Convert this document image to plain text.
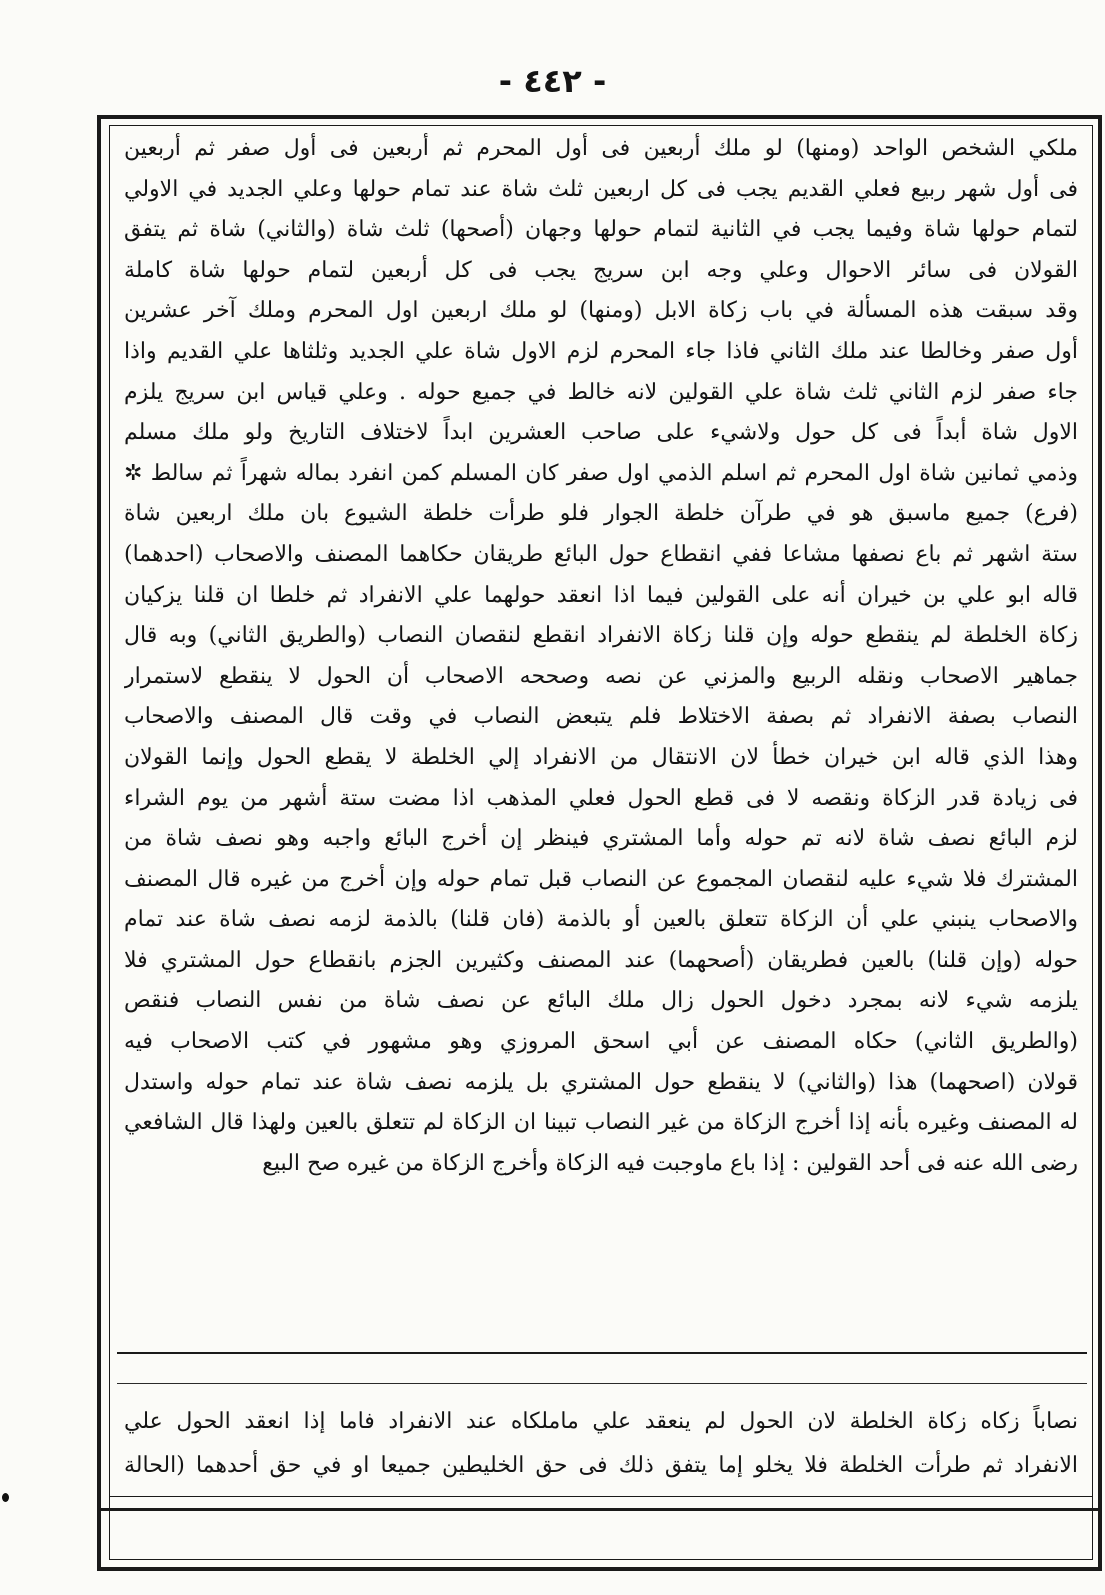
- ٤٤٢ -
ملكي الشخص الواحد (ومنها) لو ملك أربعين فى أول المحرم ثم أربعين فى أول صفر ثم أربعين
فى أول شهر ربيع فعلي القديم يجب فى كل اربعين ثلث شاة عند تمام حولها وعلي الجديد في الاولي
لتمام حولها شاة وفيما يجب في الثانية لتمام حولها وجهان (أصحها) ثلث شاة (والثاني) شاة ثم يتفق
القولان فى سائر الاحوال وعلي وجه ابن سريج يجب فى كل أربعين لتمام حولها شاة كاملة
وقد سبقت هذه المسألة في باب زكاة الابل (ومنها) لو ملك اربعين اول المحرم وملك آخر عشرين
أول صفر وخالطا عند ملك الثاني فاذا جاء المحرم لزم الاول شاة علي الجديد وثلثاها علي القديم واذا
جاء صفر لزم الثاني ثلث شاة علي القولين لانه خالط في جميع حوله . وعلي قياس ابن سريج يلزم
الاول شاة أبداً فى كل حول ولاشيء على صاحب العشرين ابداً لاختلاف التاريخ ولو ملك مسلم
وذمي ثمانين شاة اول المحرم ثم اسلم الذمي اول صفر كان المسلم كمن انفرد بماله شهراً ثم سالط ✲
(فرع) جميع ماسبق هو في طرآن خلطة الجوار فلو طرأت خلطة الشيوع بان ملك اربعين شاة
ستة اشهر ثم باع نصفها مشاعا ففي انقطاع حول البائع طريقان حكاهما المصنف والاصحاب (احدهما)
قاله ابو علي بن خيران أنه على القولين فيما اذا انعقد حولهما علي الانفراد ثم خلطا ان قلنا يزكيان
زكاة الخلطة لم ينقطع حوله وإن قلنا زكاة الانفراد انقطع لنقصان النصاب (والطريق الثاني) وبه قال
جماهير الاصحاب ونقله الربيع والمزني عن نصه وصححه الاصحاب أن الحول لا ينقطع لاستمرار
النصاب بصفة الانفراد ثم بصفة الاختلاط فلم يتبعض النصاب في وقت قال المصنف والاصحاب
وهذا الذي قاله ابن خيران خطأ لان الانتقال من الانفراد إلي الخلطة لا يقطع الحول وإنما القولان
فى زيادة قدر الزكاة ونقصه لا فى قطع الحول فعلي المذهب اذا مضت ستة أشهر من يوم الشراء
لزم البائع نصف شاة لانه تم حوله وأما المشتري فينظر إن أخرج البائع واجبه وهو نصف شاة من
المشترك فلا شيء عليه لنقصان المجموع عن النصاب قبل تمام حوله وإن أخرج من غيره قال المصنف
والاصحاب ينبني علي أن الزكاة تتعلق بالعين أو بالذمة (فان قلنا) بالذمة لزمه نصف شاة عند تمام
حوله (وإن قلنا) بالعين فطريقان (أصحهما) عند المصنف وكثيرين الجزم بانقطاع حول المشتري فلا
يلزمه شيء لانه بمجرد دخول الحول زال ملك البائع عن نصف شاة من نفس النصاب فنقص
(والطريق الثاني) حكاه المصنف عن أبي اسحق المروزي وهو مشهور في كتب الاصحاب فيه
قولان (اصحهما) هذا (والثاني) لا ينقطع حول المشتري بل يلزمه نصف شاة عند تمام حوله واستدل
له المصنف وغيره بأنه إذا أخرج الزكاة من غير النصاب تبينا ان الزكاة لم تتعلق بالعين ولهذا قال الشافعي
رضى الله عنه فى أحد القولين : إذا باع ماوجبت فيه الزكاة وأخرج الزكاة من غيره صح البيع
نصاباً زكاه زكاة الخلطة لان الحول لم ينعقد علي ماملكاه عند الانفراد فاما إذا انعقد الحول علي
الانفراد ثم طرأت الخلطة فلا يخلو إما يتفق ذلك فى حق الخليطين جميعا او في حق أحدهما (الحالة
